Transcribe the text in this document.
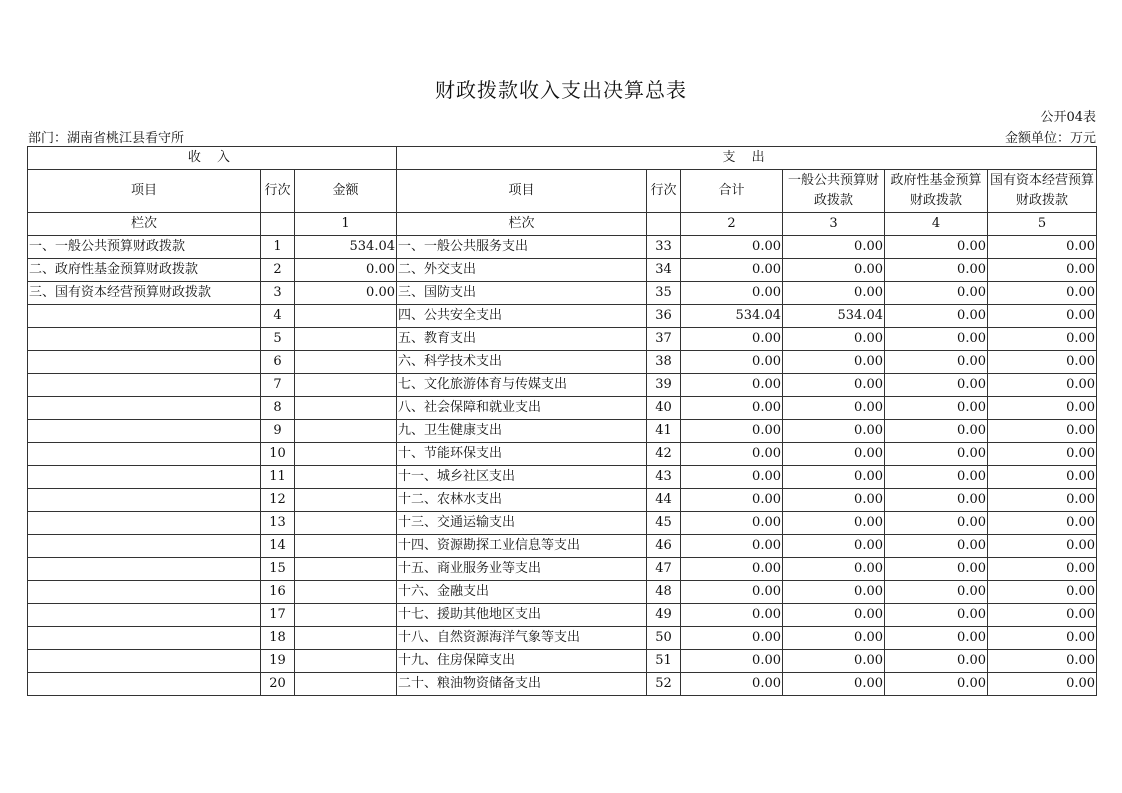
财政拨款收入支出决算总表
公开04表
部门：湖南省桃江县看守所	金额单位：万元
收 入			支 出					
项目	行次	金额	项目	行次	合计	一般公共预算财政拨款	政府性基金预算财政拨款	国有资本经营预算财政拨款
栏次		1	栏次		2	3	4	5
一、一般公共预算财政拨款	1	534.04	一、一般公共服务支出	33	0.00	0.00	0.00	0.00
二、政府性基金预算财政拨款	2	0.00	二、外交支出	34	0.00	0.00	0.00	0.00
三、国有资本经营预算财政拨款	3	0.00	三、国防支出	35	0.00	0.00	0.00	0.00
	4		四、公共安全支出	36	534.04	534.04	0.00	0.00
	5		五、教育支出	37	0.00	0.00	0.00	0.00
	6		六、科学技术支出	38	0.00	0.00	0.00	0.00
	7		七、文化旅游体育与传媒支出	39	0.00	0.00	0.00	0.00
	8		八、社会保障和就业支出	40	0.00	0.00	0.00	0.00
	9		九、卫生健康支出	41	0.00	0.00	0.00	0.00
	10		十、节能环保支出	42	0.00	0.00	0.00	0.00
	11		十一、城乡社区支出	43	0.00	0.00	0.00	0.00
	12		十二、农林水支出	44	0.00	0.00	0.00	0.00
	13		十三、交通运输支出	45	0.00	0.00	0.00	0.00
	14		十四、资源勘探工业信息等支出	46	0.00	0.00	0.00	0.00
	15		十五、商业服务业等支出	47	0.00	0.00	0.00	0.00
	16		十六、金融支出	48	0.00	0.00	0.00	0.00
	17		十七、援助其他地区支出	49	0.00	0.00	0.00	0.00
	18		十八、自然资源海洋气象等支出	50	0.00	0.00	0.00	0.00
	19		十九、住房保障支出	51	0.00	0.00	0.00	0.00
	20		二十、粮油物资储备支出	52	0.00	0.00	0.00	0.00
